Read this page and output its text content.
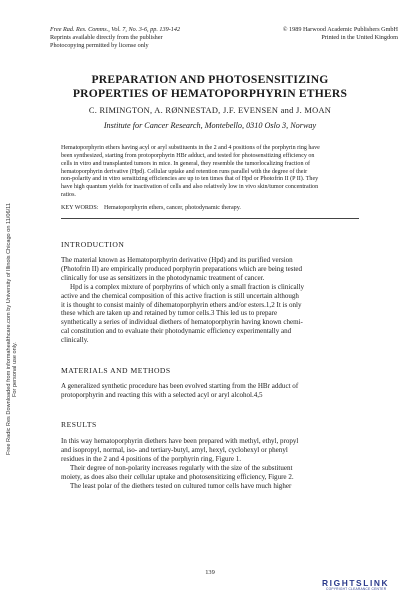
Free Rad. Res. Comms., Vol. 7, No. 3-6, pp. 139-142
Reprints available directly from the publisher
Photocopying permitted by license only
© 1989 Harwood Academic Publishers GmbH
Printed in the United Kingdom
PREPARATION AND PHOTOSENSITIZING
PROPERTIES OF HEMATOPORPHYRIN ETHERS
C. RIMINGTON, A. RØNNESTAD, J.F. EVENSEN and J. MOAN
Institute for Cancer Research, Montebello, 0310 Oslo 3, Norway
Hematoporphyrin ethers having acyl or aryl substituents in the 2 and 4 positions of the porphyrin ring have
been synthesized, starting from protoporphyrin HBr adduct, and tested for photosensitizing efficiency on
cells in vitro and transplanted tumors in mice. In general, they resemble the tumorlocalizing fraction of
hematoporphyrin derivative (Hpd). Cellular uptake and retention runs parallel with the degree of their
non-polarity and in vitro sensitizing efficiencies are up to ten times that of Hpd or Photofrin II (P II). They
have high quantum yields for inactivation of cells and also relatively low in vivo skin/tumor concentration
ratios.
KEY WORDS: Hematoporphyrin ethers, cancer, photodynamic therapy.
INTRODUCTION

The material known as Hematoporphyrin derivative (Hpd) and its purified version
(Photofrin II) are empirically produced porphyrin preparations which are being tested
clinically for use as sensitizers in the photodynamic treatment of cancer.

Hpd is a complex mixture of porphyrins of which only a small fraction is clinically
active and the chemical composition of this active fraction is still uncertain although
it is thought to consist mainly of dihematoporphyrin ethers and/or esters.1,2 It is only
these which are taken up and retained by tumor cells.3 This led us to prepare
synthetically a series of individual diethers of hematoporphyrin having known chemi-
cal constitution and to evaluate their photodynamic efficiency experimentally and
clinically.

MATERIALS AND METHODS

A generalized synthetic procedure has been evolved starting from the HBr adduct of
protoporphyrin and reacting this with a selected acyl or aryl alcohol.4,5

RESULTS

In this way hematoporphyrin diethers have been prepared with methyl, ethyl, propyl
and isopropyl, normal, iso- and tertiary-butyl, amyl, hexyl, cyclohexyl or phenyl
residues in the 2 and 4 positions of the porphyrin ring, Figure 1.

Their degree of non-polarity increases regularly with the size of the substituent
moiety, as does also their cellular uptake and photosensitizing efficiency, Figure 2.
The least polar of the diethers tested on cultured tumor cells have much higher

139
Free Radic Res Downloaded from informahealthcare.com by University of Illinois Chicago on 11/06/11 For personal use only.
RIGHTSLINK
COPYRIGHT CLEARANCE CENTER
